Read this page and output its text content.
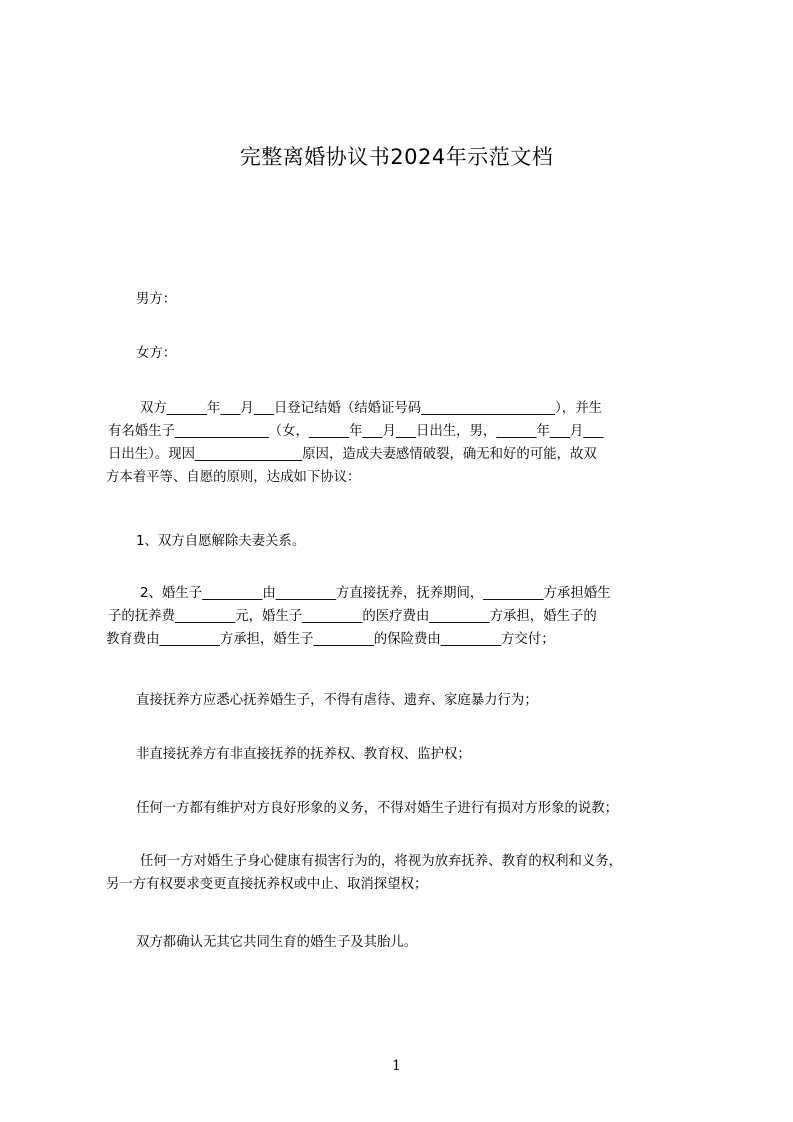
完整离婚协议书2024年示范文档
男方：
女方：
双方______年___月___日登记结婚（结婚证号码____________________），并生
有名婚生子______________（女，______年___月___日出生，男，______年___月___
日出生）。现因________________原因，造成夫妻感情破裂，确无和好的可能，故双
方本着平等、自愿的原则，达成如下协议：
1、双方自愿解除夫妻关系。
2、婚生子_________由_________方直接抚养，抚养期间，_________方承担婚生
子的抚养费_________元，婚生子_________的医疗费由_________方承担，婚生子的
教育费由_________方承担，婚生子_________的保险费由_________方交付；
直接抚养方应悉心抚养婚生子，不得有虐待、遗弃、家庭暴力行为；
非直接抚养方有非直接抚养的抚养权、教育权、监护权；
任何一方都有维护对方良好形象的义务，不得对婚生子进行有损对方形象的说教；
任何一方对婚生子身心健康有损害行为的，将视为放弃抚养、教育的权利和义务，
另一方有权要求变更直接抚养权或中止、取消探望权；
双方都确认无其它共同生育的婚生子及其胎儿。
1
